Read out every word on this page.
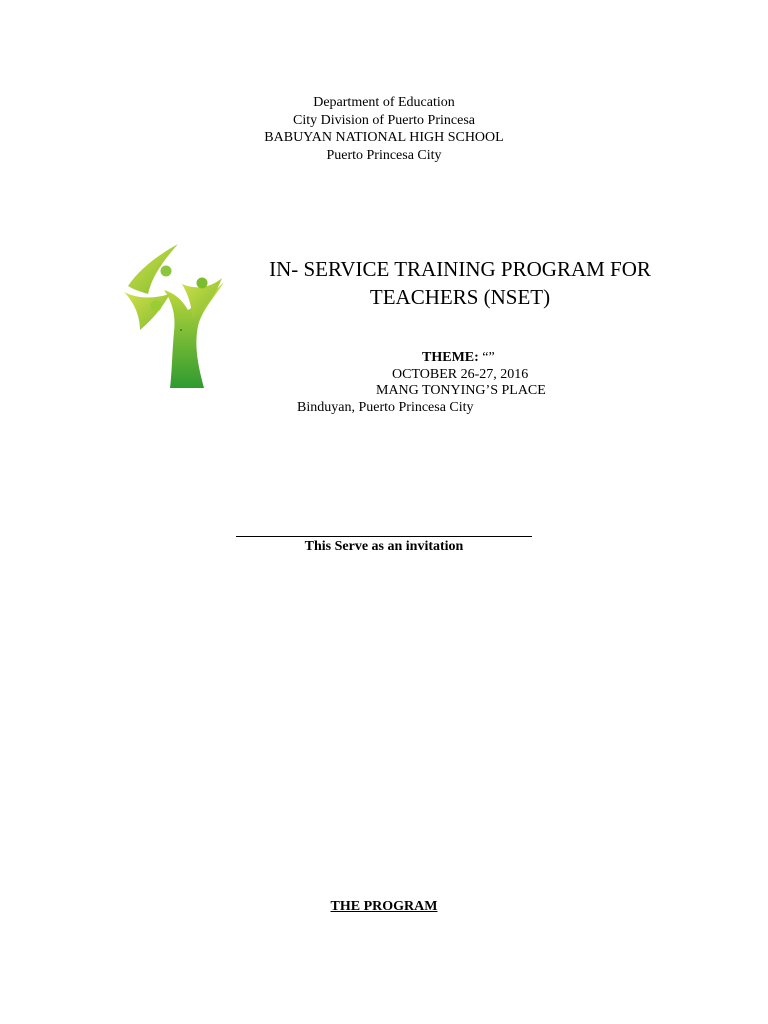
Department of Education
City Division of Puerto Princesa
BABUYAN NATIONAL HIGH SCHOOL
Puerto Princesa City
IN- SERVICE TRAINING PROGRAM FOR
TEACHERS (NSET)
THEME: “”
OCTOBER 26-27, 2016
MANG TONYING’S PLACE
Binduyan, Puerto Princesa City
This Serve as an invitation
THE PROGRAM
